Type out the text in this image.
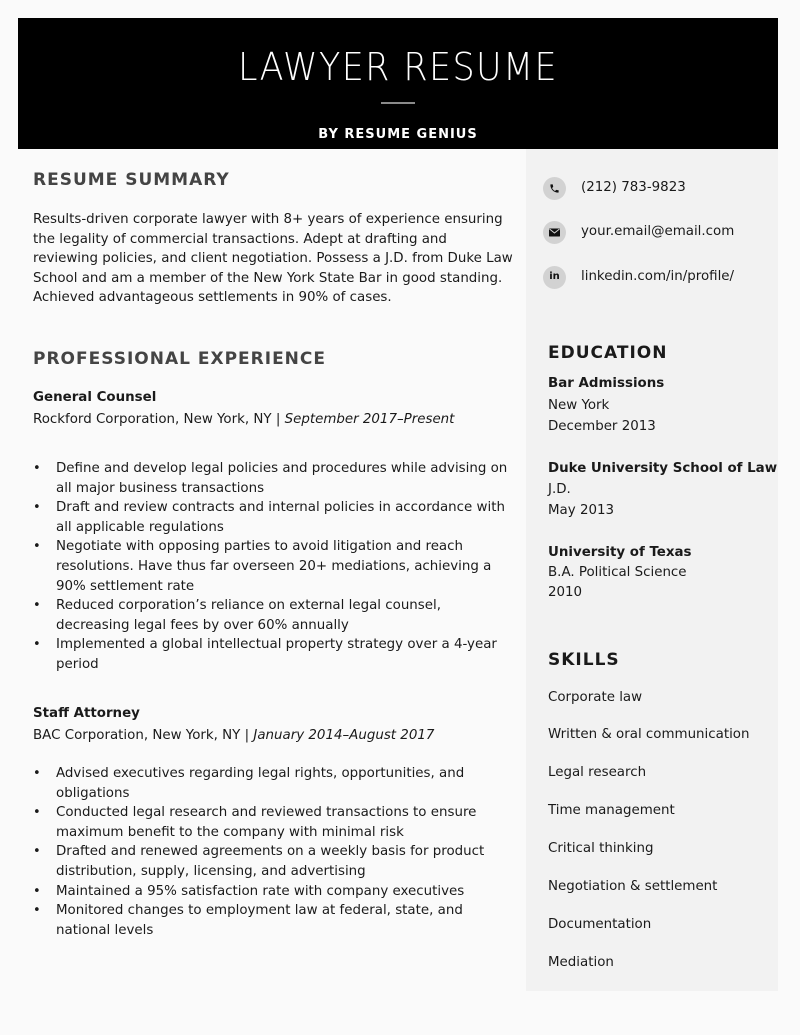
LAWYER RESUME
BY RESUME GENIUS
RESUME SUMMARY
Results-driven corporate lawyer with 8+ years of experience ensuring the legality of commercial transactions. Adept at drafting and reviewing policies, and client negotiation. Possess a J.D. from Duke Law School and am a member of the New York State Bar in good standing. Achieved advantageous settlements in 90% of cases.
PROFESSIONAL EXPERIENCE
General Counsel
Rockford Corporation, New York, NY | September 2017–Present
• Define and develop legal policies and procedures while advising on all major business transactions
• Draft and review contracts and internal policies in accordance with all applicable regulations
• Negotiate with opposing parties to avoid litigation and reach resolutions. Have thus far overseen 20+ mediations, achieving a 90% settlement rate
• Reduced corporation’s reliance on external legal counsel, decreasing legal fees by over 60% annually
• Implemented a global intellectual property strategy over a 4-year period
Staff Attorney
BAC Corporation, New York, NY | January 2014–August 2017
• Advised executives regarding legal rights, opportunities, and obligations
• Conducted legal research and reviewed transactions to ensure maximum benefit to the company with minimal risk
• Drafted and renewed agreements on a weekly basis for product distribution, supply, licensing, and advertising
• Maintained a 95% satisfaction rate with company executives
• Monitored changes to employment law at federal, state, and national levels
(212) 783-9823
your.email@email.com
in linkedin.com/in/profile/
EDUCATION
Bar Admissions
New York
December 2013
Duke University School of Law
J.D.
May 2013
University of Texas
B.A. Political Science
2010
SKILLS
Corporate law
Written & oral communication
Legal research
Time management
Critical thinking
Negotiation & settlement
Documentation
Mediation
